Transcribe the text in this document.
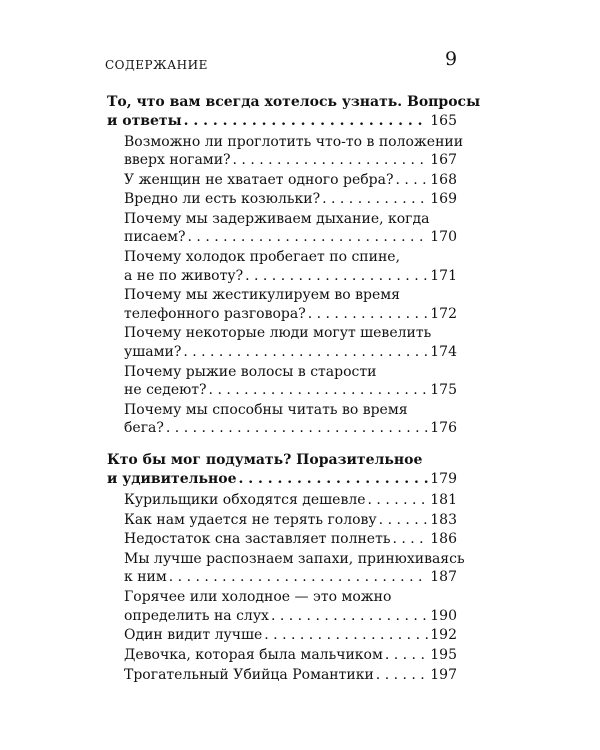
СОДЕРЖАНИЕ	9
То, что вам всегда хотелось узнать. Вопросы
и ответы . . .	165
Возможно ли проглотить что-то в положении
вверх ногами? . . .	167
У женщин не хватает одного ребра? . . .	168
Вредно ли есть козюльки? . . .	169
Почему мы задерживаем дыхание, когда
писаем? . . .	170
Почему холодок пробегает по спине,
а не по животу? . . .	171
Почему мы жестикулируем во время
телефонного разговора? . . .	172
Почему некоторые люди могут шевелить
ушами? . . .	174
Почему рыжие волосы в старости
не седеют? . . .	175
Почему мы способны читать во время
бега? . . .	176
Кто бы мог подумать? Поразительное
и удивительное . . .	179
Курильщики обходятся дешевле . . .	181
Как нам удается не терять голову . . .	183
Недостаток сна заставляет полнеть . . .	186
Мы лучше распознаем запахи, принюхиваясь
к ним . . .	187
Горячее или холодное — это можно
определить на слух . . .	190
Один видит лучше . . .	192
Девочка, которая была мальчиком . . .	195
Трогательный Убийца Романтики . . .	197
